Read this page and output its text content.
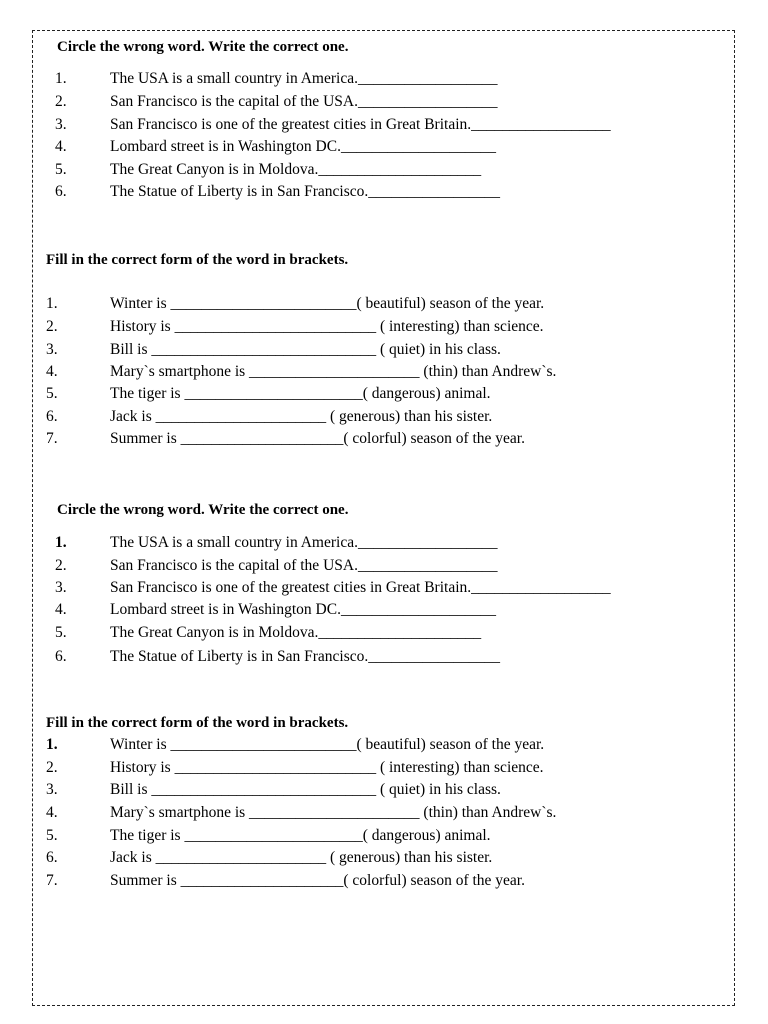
Circle the wrong word. Write the correct one.
1.	The USA is a small country in America.__________________
2.	San Francisco is the capital of the USA.__________________
3.	San Francisco is one of the greatest cities in Great Britain.__________________
4.	Lombard street is in Washington DC.____________________
5.	The Great Canyon is in Moldova._____________________
6.	The Statue of Liberty is in San Francisco._________________
Fill in the correct form of the word in brackets.
1.	Winter is ________________________( beautiful) season of the year.
2.	History is __________________________ ( interesting) than science.
3.	Bill is _____________________________ ( quiet) in his class.
4.	Mary`s smartphone is ______________________ (thin) than Andrew`s.
5.	The tiger is _______________________( dangerous) animal.
6.	Jack is ______________________ ( generous) than his sister.
7.	Summer is _____________________( colorful) season of the year.
Circle the wrong word. Write the correct one.
1.	The USA is a small country in America.__________________
2.	San Francisco is the capital of the USA.__________________
3.	San Francisco is one of the greatest cities in Great Britain.__________________
4.	Lombard street is in Washington DC.____________________
5.	The Great Canyon is in Moldova._____________________
6.	The Statue of Liberty is in San Francisco._________________
Fill in the correct form of the word in brackets.
1.	Winter is ________________________( beautiful) season of the year.
2.	History is __________________________ ( interesting) than science.
3.	Bill is _____________________________ ( quiet) in his class.
4.	Mary`s smartphone is ______________________ (thin) than Andrew`s.
5.	The tiger is _______________________( dangerous) animal.
6.	Jack is ______________________ ( generous) than his sister.
7.	Summer is _____________________( colorful) season of the year.
